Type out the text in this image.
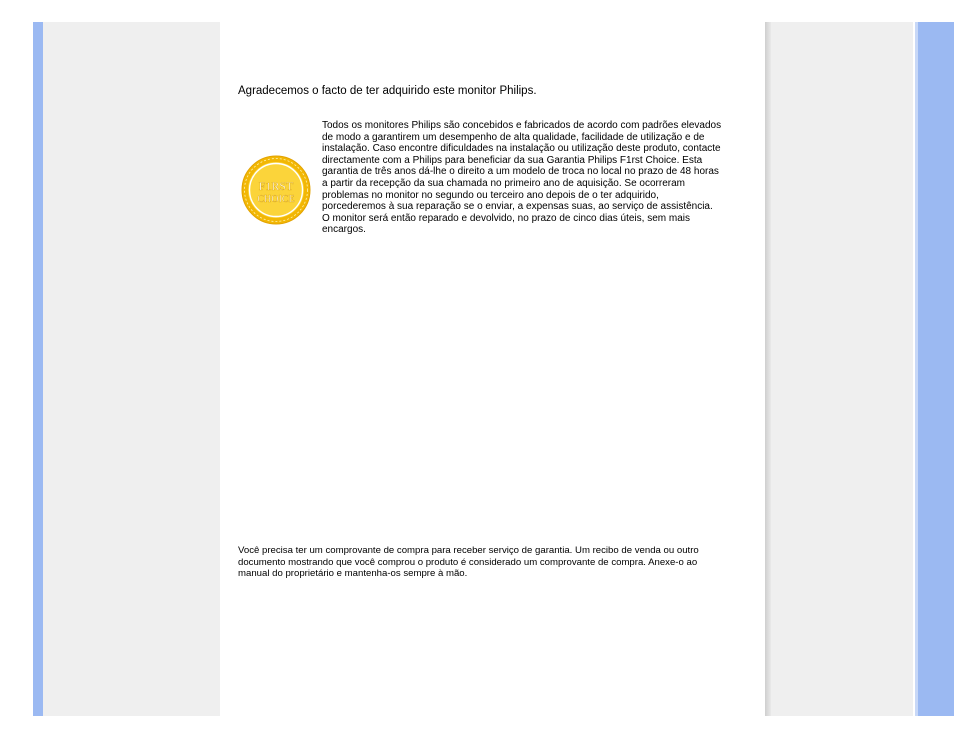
Agradecemos o facto de ter adquirido este monitor Philips.

F1RST
CHOICE

Todos os monitores Philips são concebidos e fabricados de acordo com padrões elevados de modo a garantirem um desempenho de alta qualidade, facilidade de utilização e de instalação. Caso encontre dificuldades na instalação ou utilização deste produto, contacte directamente com a Philips para beneficiar da sua Garantia Philips F1rst Choice. Esta garantia de três anos dá-lhe o direito a um modelo de troca no local no prazo de 48 horas a partir da recepção da sua chamada no primeiro ano de aquisição. Se ocorreram problemas no monitor no segundo ou terceiro ano depois de o ter adquirido, porcederemos à sua reparação se o enviar, a expensas suas, ao serviço de assistência. O monitor será então reparado e devolvido, no prazo de cinco dias úteis, sem mais encargos.

Você precisa ter um comprovante de compra para receber serviço de garantia. Um recibo de venda ou outro documento mostrando que você comprou o produto é considerado um comprovante de compra. Anexe-o ao manual do proprietário e mantenha-os sempre à mão.
